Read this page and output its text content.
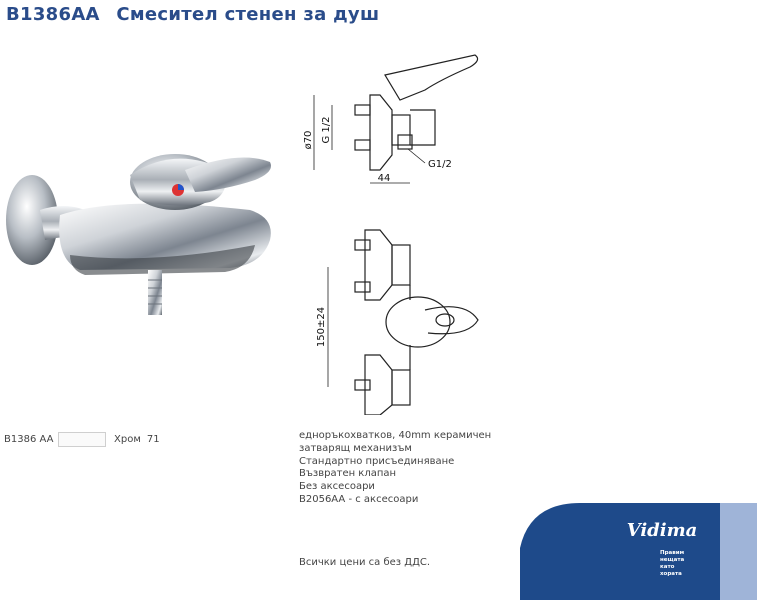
B1386AA Смесител стенен за душ
ø70 G 1/2
44
G1/2
150±24
B1386 AA	Хром 71	едноръкохватков, 40mm керамичен
затварящ механизъм
Стандартно присъединяване
Възвратен клапан
Без аксесоари
B2056AA - с аксесоари
Всички цени са без ДДС.
Vidima
Правим
нещата
като
хората
